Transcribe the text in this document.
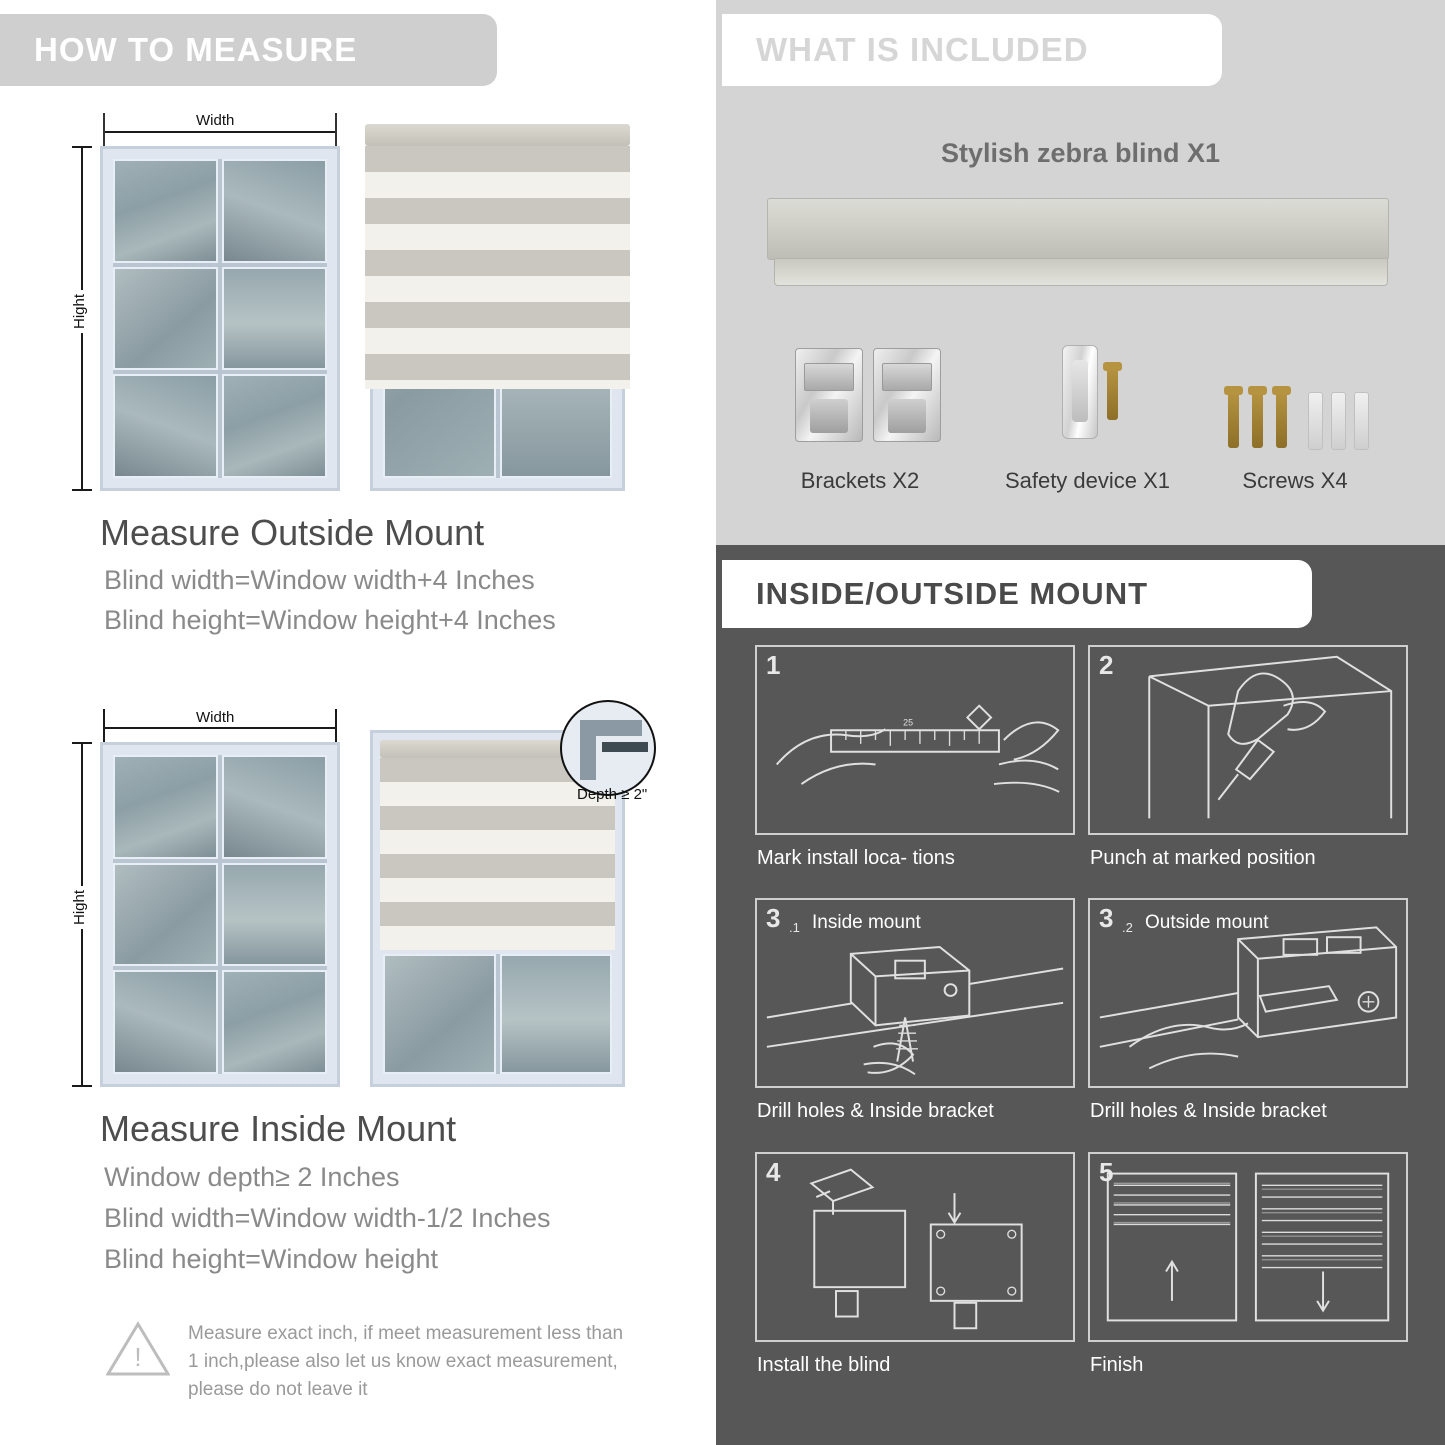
HOW TO MEASURE
Width
Hight
Measure Outside Mount
Blind width=Window width+4 Inches
Blind height=Window height+4 Inches
Width
Hight
Depth ≥ 2"
Measure Inside Mount
Window depth≥ 2 Inches
Blind width=Window width-1/2 Inches
Blind height=Window height
!
Measure exact inch, if meet measurement less than 1 inch,please also let us know exact measurement, please do not leave it
WHAT IS INCLUDED
Stylish zebra blind X1
Brackets X2	Safety device X1	Screws X4
INSIDE/OUTSIDE MOUNT
25
1
Mark install loca- tions
2
Punch at marked position
3 .1 Inside mount
Drill holes & Inside bracket
3 .2 Outside mount
Drill holes & Inside bracket
4
Install the blind
5
Finish
